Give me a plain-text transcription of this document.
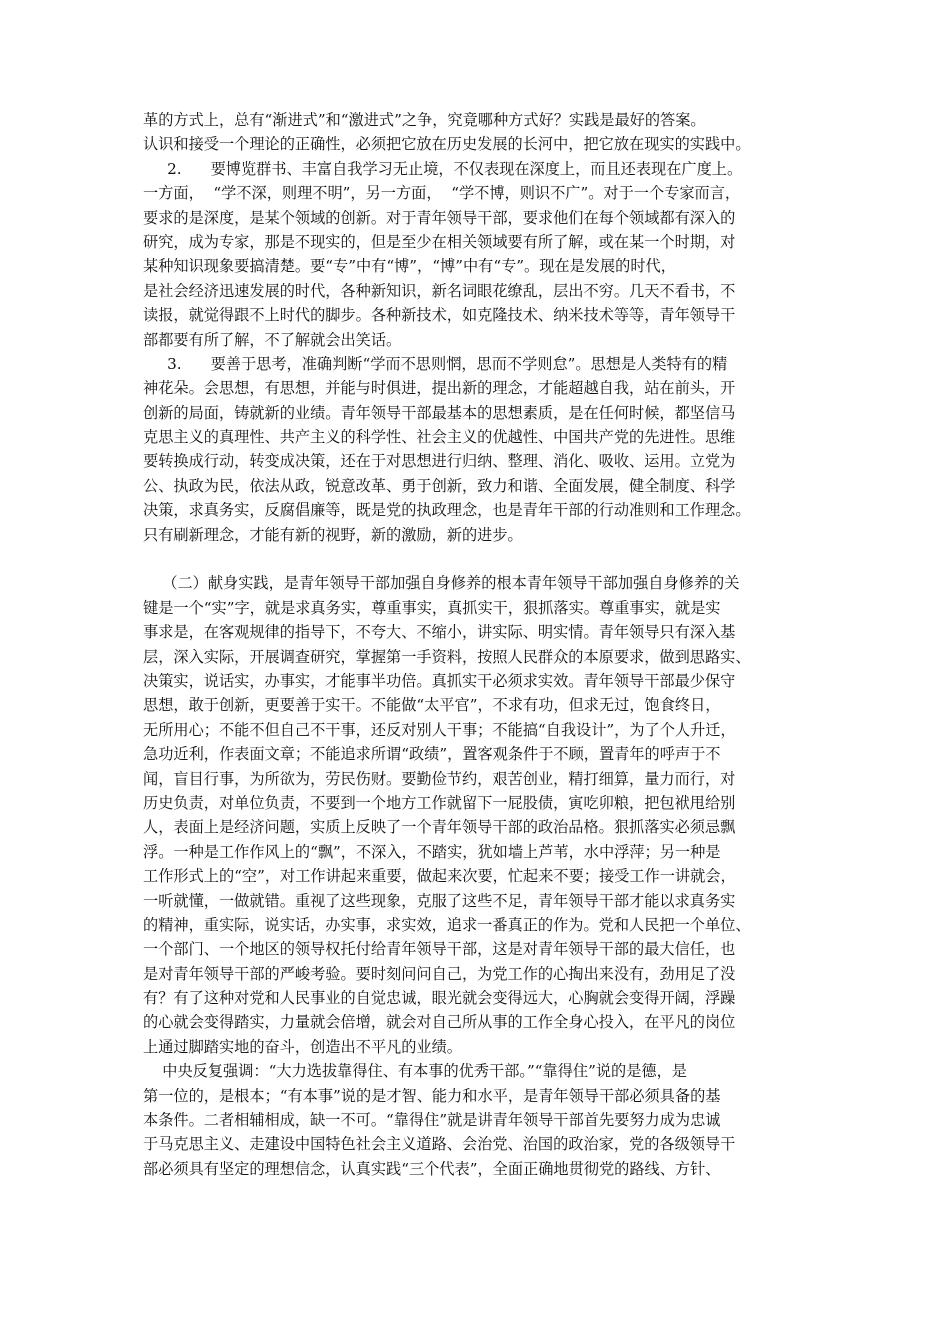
革的方式上，总有“渐进式”和“激进式”之争，究竟哪种方式好？实践是最好的答案。
认识和接受一个理论的正确性，必须把它放在历史发展的长河中，把它放在现实的实践中。
2.      要博览群书、丰富自我学习无止境，不仅表现在深度上，而且还表现在广度上。
一方面，  “学不深，则理不明”，另一方面，  “学不博，则识不广”。对于一个专家而言，
要求的是深度，是某个领域的创新。对于青年领导干部，要求他们在每个领域都有深入的
研究，成为专家，那是不现实的，但是至少在相关领域要有所了解，或在某一个时期，对
某种知识现象要搞清楚。要“专”中有“博”，“博”中有“专”。现在是发展的时代，
是社会经济迅速发展的时代，各种新知识，新名词眼花缭乱，层出不穷。几天不看书，不
读报，就觉得跟不上时代的脚步。各种新技术，如克隆技术、纳米技术等等，青年领导干
部都要有所了解，不了解就会出笑话。
3.      要善于思考，准确判断“学而不思则惘，思而不学则怠”。思想是人类特有的精
神花朵。会思想，有思想，并能与时俱进，提出新的理念，才能超越自我，站在前头，开
创新的局面，铸就新的业绩。青年领导干部最基本的思想素质，是在任何时候，都坚信马
克思主义的真理性、共产主义的科学性、社会主义的优越性、中国共产党的先进性。思维
要转换成行动，转变成决策，还在于对思想进行归纳、整理、消化、吸收、运用。立党为
公、执政为民，依法从政，锐意改革、勇于创新，致力和谐、全面发展，健全制度、科学
决策，求真务实，反腐倡廉等，既是党的执政理念，也是青年干部的行动准则和工作理念。
只有刷新理念，才能有新的视野，新的激励，新的进步。
（二）献身实践，是青年领导干部加强自身修养的根本青年领导干部加强自身修养的关
键是一个“实”字，就是求真务实，尊重事实，真抓实干，狠抓落实。尊重事实，就是实
事求是，在客观规律的指导下，不夸大、不缩小，讲实际、明实情。青年领导只有深入基
层，深入实际，开展调查研究，掌握第一手资料，按照人民群众的本原要求，做到思路实、
决策实，说话实，办事实，才能事半功倍。真抓实干必须求实效。青年领导干部最少保守
思想，敢于创新，更要善于实干。不能做“太平官”，不求有功，但求无过，饱食终日，
无所用心；不能不但自己不干事，还反对别人干事；不能搞“自我设计”，为了个人升迁，
急功近利，作表面文章；不能追求所谓“政绩”，置客观条件于不顾，置青年的呼声于不
闻，盲目行事，为所欲为，劳民伤财。要勤俭节约，艰苦创业，精打细算，量力而行，对
历史负责，对单位负责，不要到一个地方工作就留下一屁股债，寅吃卯粮，把包袱甩给别
人，表面上是经济问题，实质上反映了一个青年领导干部的政治品格。狠抓落实必须忌飘
浮。一种是工作作风上的“飘”，不深入，不踏实，犹如墙上芦苇，水中浮萍；另一种是
工作形式上的“空”，对工作讲起来重要，做起来次要，忙起来不要；接受工作一讲就会，
一听就懂，一做就错。重视了这些现象，克服了这些不足，青年领导干部才能以求真务实
的精神，重实际，说实话，办实事，求实效，追求一番真正的作为。党和人民把一个单位、
一个部门、一个地区的领导权托付给青年领导干部，这是对青年领导干部的最大信任，也
是对青年领导干部的严峻考验。要时刻问问自己，为党工作的心掏出来没有，劲用足了没
有？有了这种对党和人民事业的自觉忠诚，眼光就会变得远大，心胸就会变得开阔，浮躁
的心就会变得踏实，力量就会倍增，就会对自己所从事的工作全身心投入，在平凡的岗位
上通过脚踏实地的奋斗，创造出不平凡的业绩。
中央反复强调：“大力选拔靠得住、有本事的优秀干部。”“靠得住”说的是德，是
第一位的，是根本；“有本事”说的是才智、能力和水平，是青年领导干部必须具备的基
本条件。二者相辅相成，缺一不可。“靠得住”就是讲青年领导干部首先要努力成为忠诚
于马克思主义、走建设中国特色社会主义道路、会治党、治国的政治家，党的各级领导干
部必须具有坚定的理想信念，认真实践“三个代表”，全面正确地贯彻党的路线、方针、
